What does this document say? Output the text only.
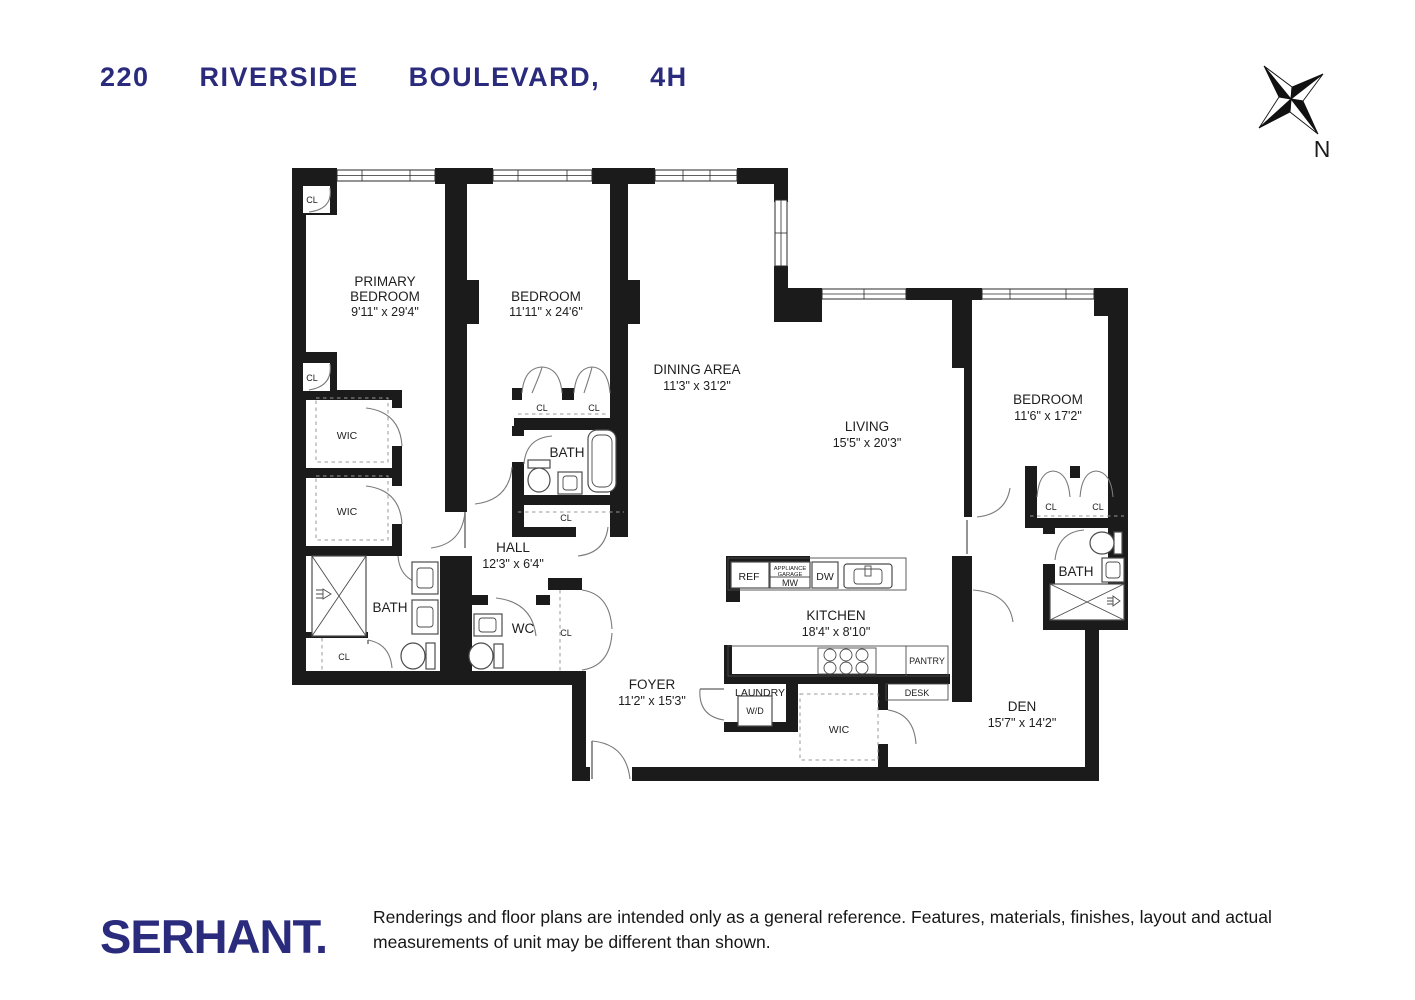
220  RIVERSIDE  BOULEVARD,  4H
PRIMARY
BEDROOM
9'11" x 29'4"
BEDROOM
11'11" x 24'6"
DINING AREA
11'3" x 31'2"
LIVING
15'5" x 20'3"
BEDROOM
11'6" x 17'2"
HALL
12'3" x 6'4"
KITCHEN
18'4" x 8'10"
FOYER
11'2" x 15'3"	DEN
15'7" x 14'2"
BATH
BATH
BATH
WC
WIC
WIC
WIC
LAUNDRY
W/D
CL
CL
CL
CL	CL
CL
CL
CL	CL
REF
APPLIANCE
GARAGE
MW DW
PANTRY
DESK
N
SERHANT.	Renderings and floor plans are intended only as a general reference. Features, materials, finishes, layout and actual measurements of unit may be different than shown.
